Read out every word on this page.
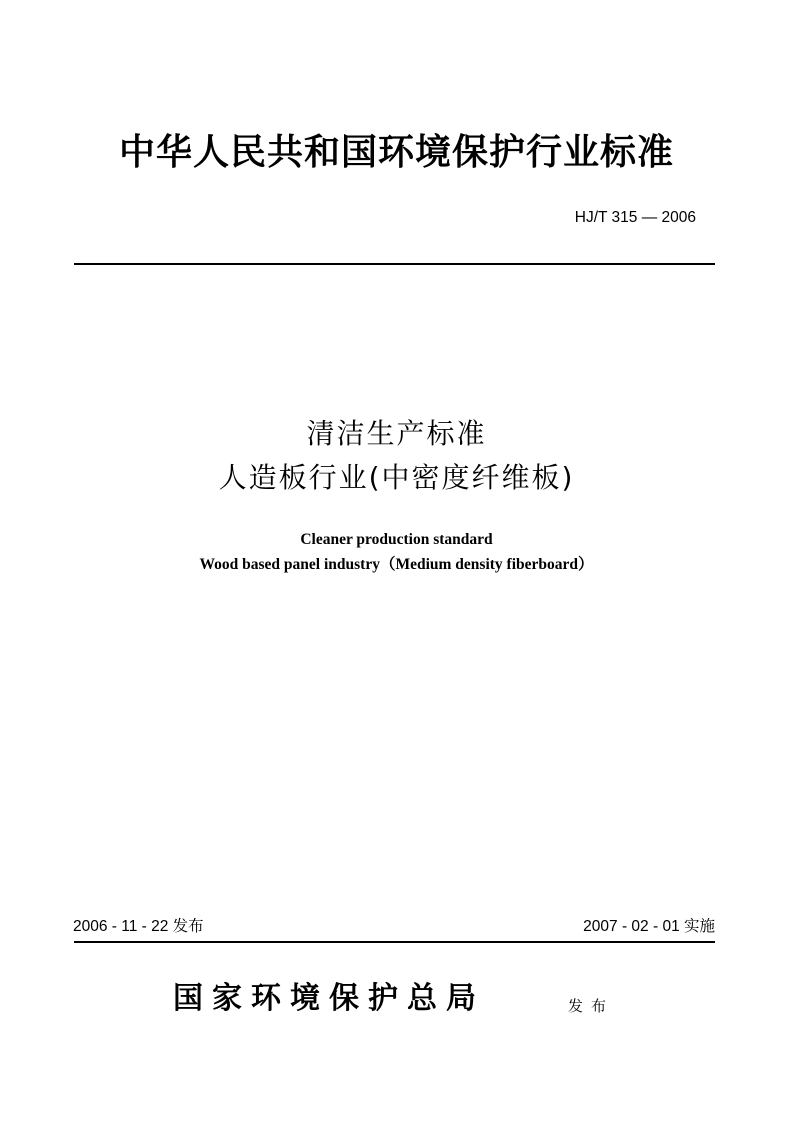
中华人民共和国环境保护行业标准
HJ/T 315 — 2006
清洁生产标准
人造板行业(中密度纤维板)
Cleaner production standard
Wood based panel industry（Medium density fiberboard）
2006 - 11 - 22 发布	2007 - 02 - 01 实施
国家环境保护总局	发布
